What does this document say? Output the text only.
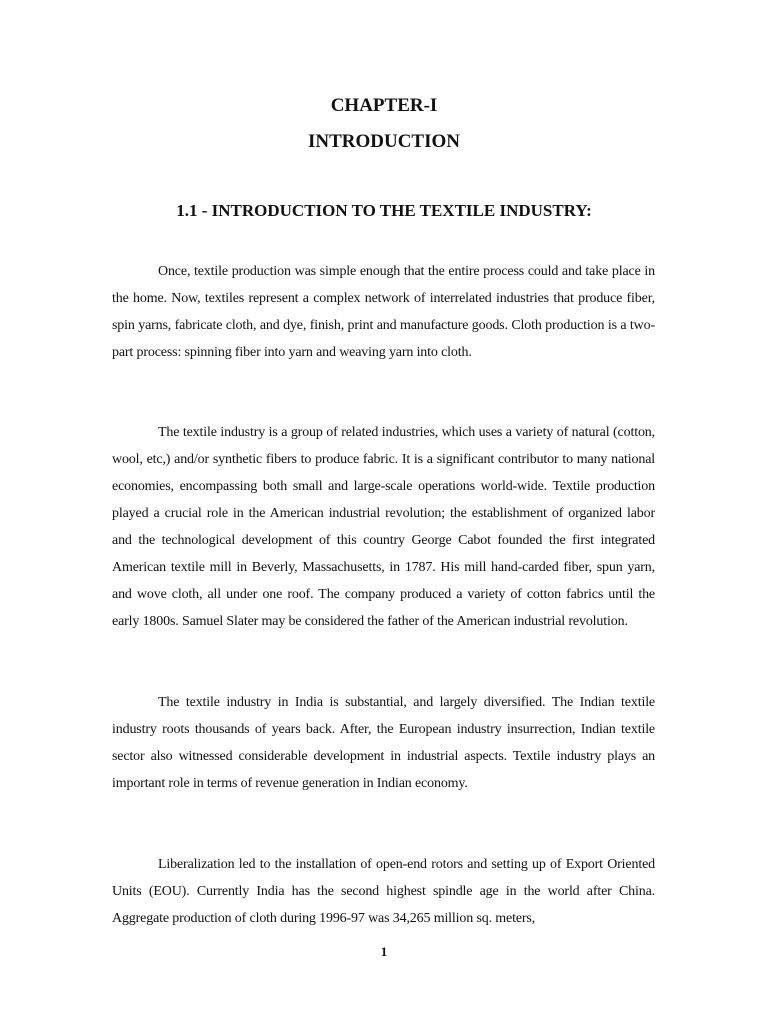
CHAPTER-I
INTRODUCTION
1.1 - INTRODUCTION TO THE TEXTILE INDUSTRY:

Once, textile production was simple enough that the entire process could and take place in the home. Now, textiles represent a complex network of interrelated industries that produce fiber, spin yarns, fabricate cloth, and dye, finish, print and manufacture goods. Cloth production is a two-part process: spinning fiber into yarn and weaving yarn into cloth.

The textile industry is a group of related industries, which uses a variety of natural (cotton, wool, etc,) and/or synthetic fibers to produce fabric. It is a significant contributor to many national economies, encompassing both small and large-scale operations world-wide. Textile production played a crucial role in the American industrial revolution; the establishment of organized labor and the technological development of this country George Cabot founded the first integrated American textile mill in Beverly, Massachusetts, in 1787. His mill hand-carded fiber, spun yarn, and wove cloth, all under one roof. The company produced a variety of cotton fabrics until the early 1800s. Samuel Slater may be considered the father of the American industrial revolution.

The textile industry in India is substantial, and largely diversified. The Indian textile industry roots thousands of years back. After, the European industry insurrection, Indian textile sector also witnessed considerable development in industrial aspects. Textile industry plays an important role in terms of revenue generation in Indian economy.

Liberalization led to the installation of open-end rotors and setting up of Export Oriented Units (EOU). Currently India has the second highest spindle age in the world after China. Aggregate production of cloth during 1996-97 was 34,265 million sq. meters,

1
